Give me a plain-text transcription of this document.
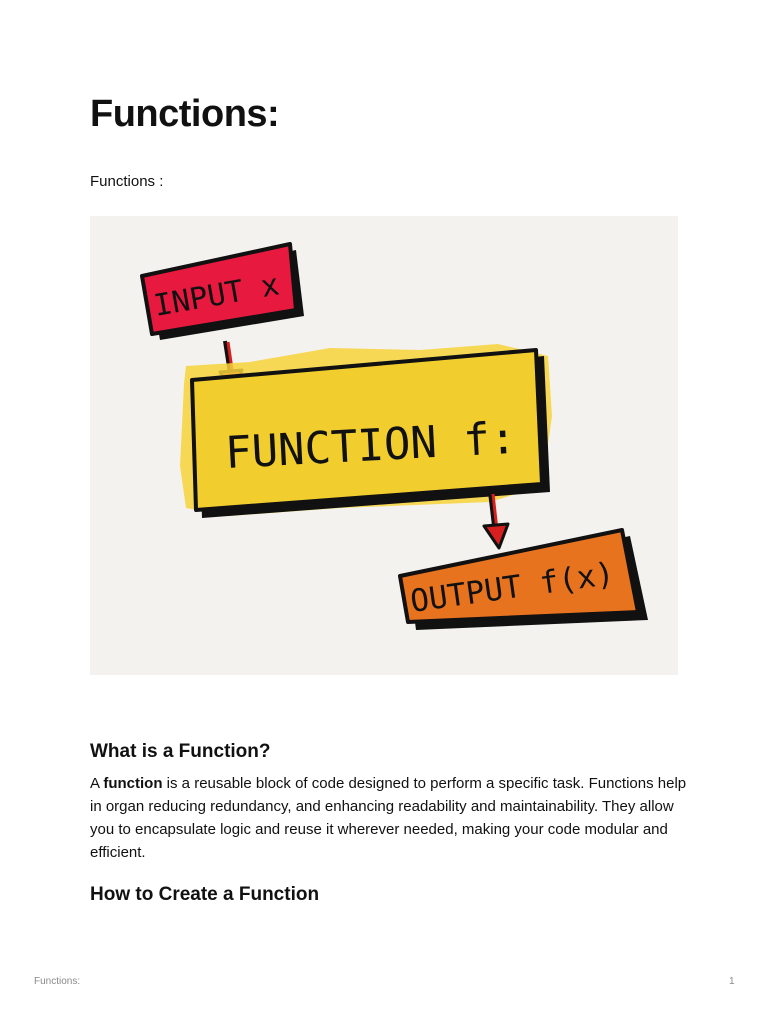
Functions:

Functions :

INPUT x
FUNCTION f:
OUTPUT f(x)
What is a Function?

A function is a reusable block of code designed to perform a specific task. Functions help in organ reducing redundancy, and enhancing readability and maintainability. They allow you to encapsulate logic and reuse it wherever needed, making your code modular and efficient.

How to Create a Function
Functions:	1
